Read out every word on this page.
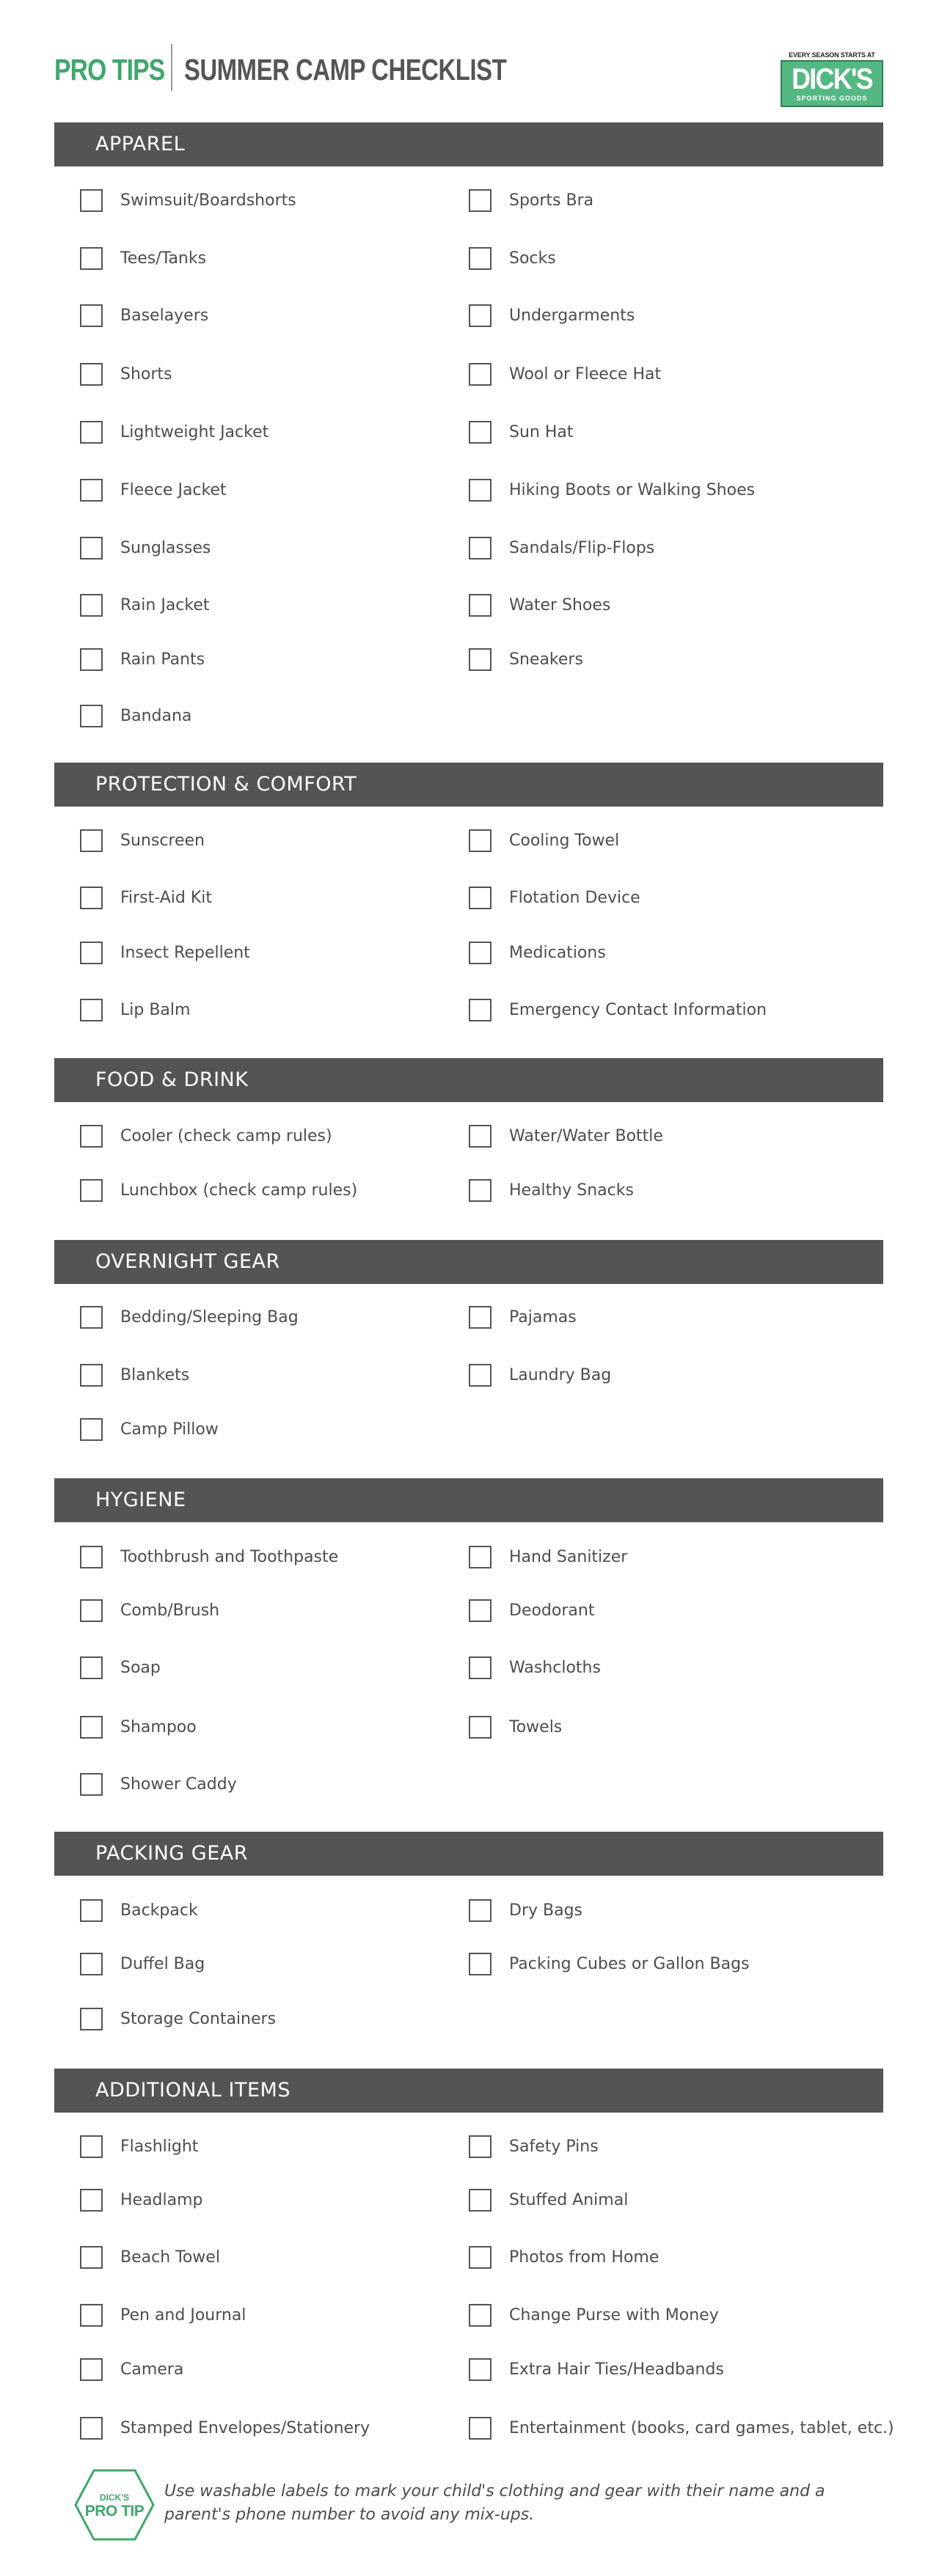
PRO TIPS SUMMER CAMP CHECKLIST	EVERY SEASON STARTS AT
DICK'S
SPORTING GOODS
APPAREL
Swimsuit/Boardshorts	Sports Bra
Tees/Tanks	Socks
Baselayers	Undergarments
Shorts	Wool or Fleece Hat
Lightweight Jacket	Sun Hat
Fleece Jacket	Hiking Boots or Walking Shoes
Sunglasses	Sandals/Flip-Flops
Rain Jacket	Water Shoes
Rain Pants	Sneakers
Bandana
PROTECTION & COMFORT
Sunscreen	Cooling Towel
First-Aid Kit	Flotation Device
Insect Repellent	Medications
Lip Balm	Emergency Contact Information
FOOD & DRINK
Cooler (check camp rules)	Water/Water Bottle
Lunchbox (check camp rules)	Healthy Snacks
OVERNIGHT GEAR
Bedding/Sleeping Bag	Pajamas
Blankets	Laundry Bag
Camp Pillow
HYGIENE
Toothbrush and Toothpaste	Hand Sanitizer
Comb/Brush	Deodorant
Soap	Washcloths
Shampoo	Towels
Shower Caddy
PACKING GEAR
Backpack	Dry Bags
Duffel Bag	Packing Cubes or Gallon Bags
Storage Containers
ADDITIONAL ITEMS
Flashlight	Safety Pins
Headlamp	Stuffed Animal
Beach Towel	Photos from Home
Pen and Journal	Change Purse with Money
Camera	Extra Hair Ties/Headbands
Stamped Envelopes/Stationery	Entertainment (books, card games, tablet, etc.)
DICK'S
PRO TIP
Use washable labels to mark your child's clothing and gear with their name and a parent's phone number to avoid any mix-ups.
